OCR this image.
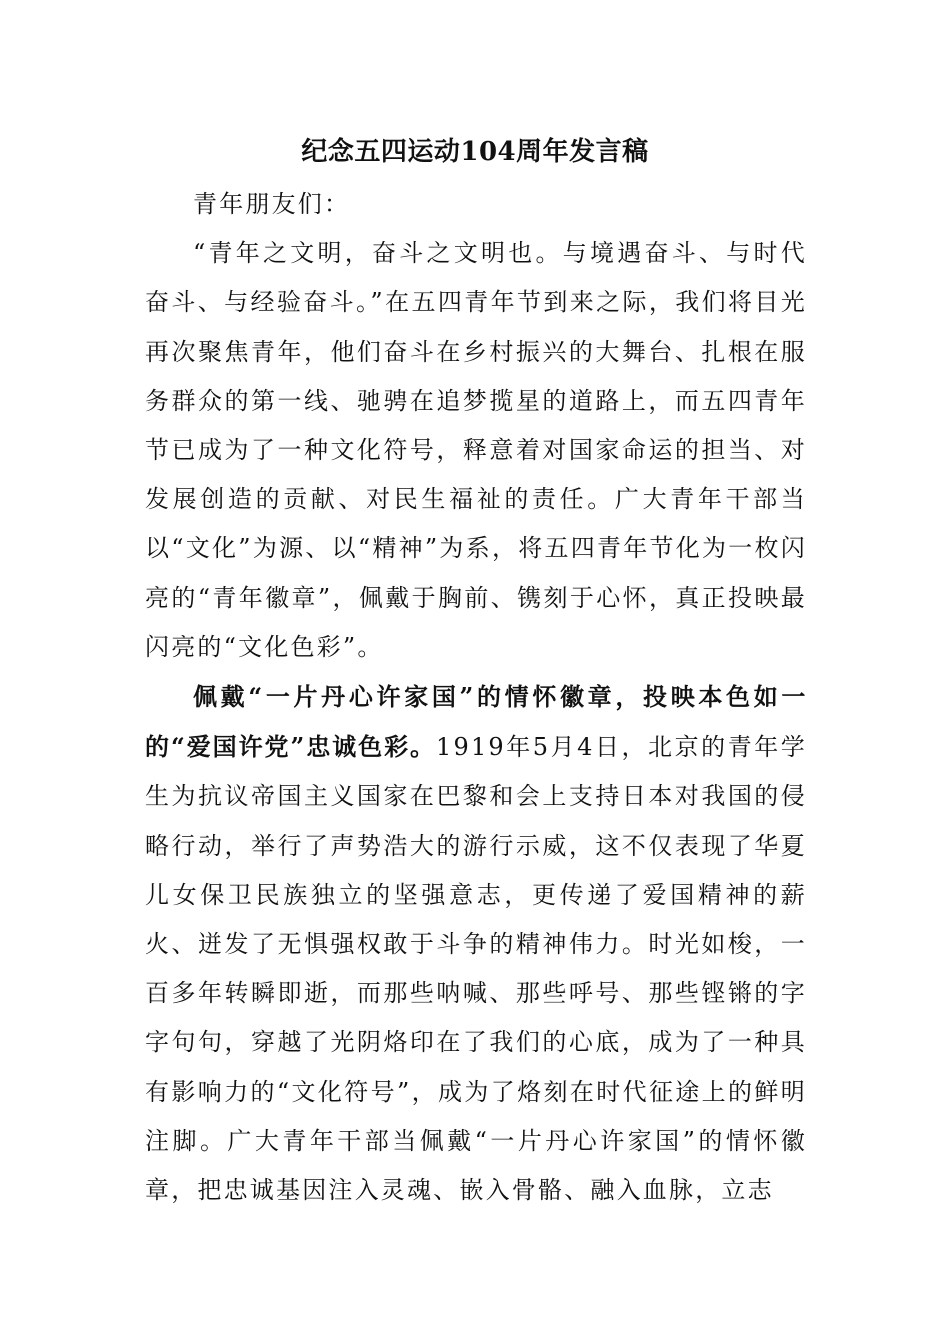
纪念五四运动104周年发言稿

青年朋友们：

“青年之文明，奋斗之文明也。与境遇奋斗、与时代奋斗、与经验奋斗。”在五四青年节到来之际，我们将目光再次聚焦青年，他们奋斗在乡村振兴的大舞台、扎根在服务群众的第一线、驰骋在追梦揽星的道路上，而五四青年节已成为了一种文化符号，释意着对国家命运的担当、对发展创造的贡献、对民生福祉的责任。广大青年干部当以“文化”为源、以“精神”为系，将五四青年节化为一枚闪亮的“青年徽章”，佩戴于胸前、镌刻于心怀，真正投映最闪亮的“文化色彩”。

佩戴“一片丹心许家国”的情怀徽章，投映本色如一的“爱国许党”忠诚色彩。1919年5月4日，北京的青年学生为抗议帝国主义国家在巴黎和会上支持日本对我国的侵略行动，举行了声势浩大的游行示威，这不仅表现了华夏儿女保卫民族独立的坚强意志，更传递了爱国精神的薪火、迸发了无惧强权敢于斗争的精神伟力。时光如梭，一百多年转瞬即逝，而那些呐喊、那些呼号、那些铿锵的字字句句，穿越了光阴烙印在了我们的心底，成为了一种具有影响力的“文化符号”，成为了烙刻在时代征途上的鲜明注脚。广大青年干部当佩戴“一片丹心许家国”的情怀徽章，把忠诚基因注入灵魂、嵌入骨骼、融入血脉，立志
